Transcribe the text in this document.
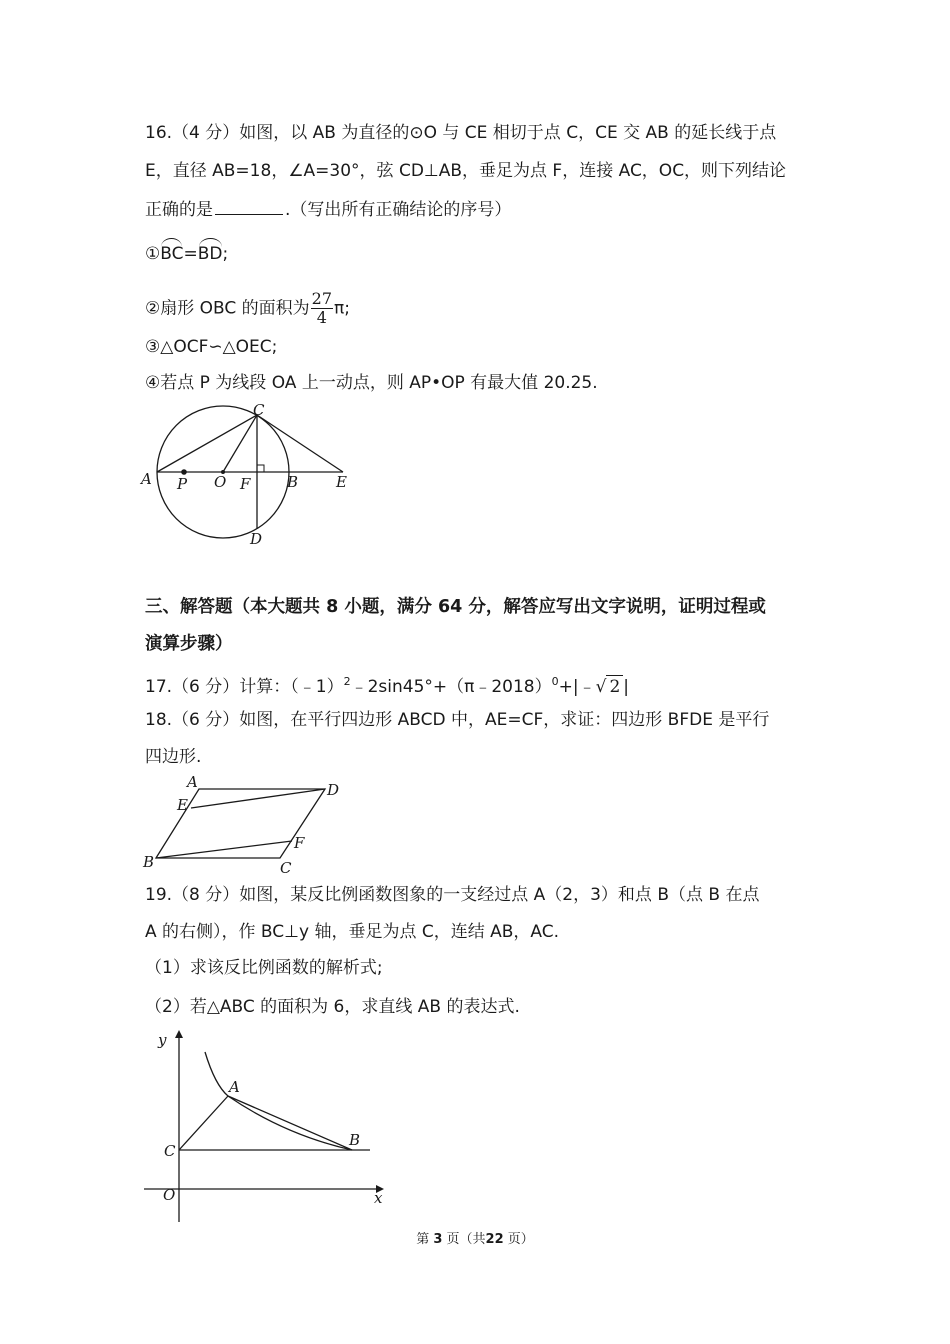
16.（4 分）如图，以 AB 为直径的⊙O 与 CE 相切于点 C，CE 交 AB 的延长线于点
E，直径 AB=18，∠A=30°，弦 CD⊥AB，垂足为点 F，连接 AC，OC，则下列结论
正确的是	.（写出所有正确结论的序号）
①BC=BD;
②扇形 OBC 的面积为 $\frac{27}{4} \pi$;
③△OCF∽△OEC;
④若点 P 为线段 OA 上一动点，则 AP•OP 有最大值 20.25.
A P O F B	E
C
D
三、解答题（本大题共 8 小题，满分 64 分，解答应写出文字说明，证明过程或
演算步骤）
17.（6 分）计算：（﹣1）$^2$﹣2sin45°+（π﹣2018）$^0$+|﹣√ 2 |
18.（6 分）如图，在平行四边形 ABCD 中，AE=CF，求证：四边形 BFDE 是平行
四边形.
A	D
E
F
B	C
19.（8 分）如图，某反比例函数图象的一支经过点 A（2，3）和点 B（点 B 在点
A 的右侧），作 BC⊥y 轴，垂足为点 C，连结 AB，AC.
（1）求该反比例函数的解析式;
（2）若△ABC 的面积为 6，求直线 AB 的表达式.
y
x
O
C
A
B
第 3 页（共22 页）
